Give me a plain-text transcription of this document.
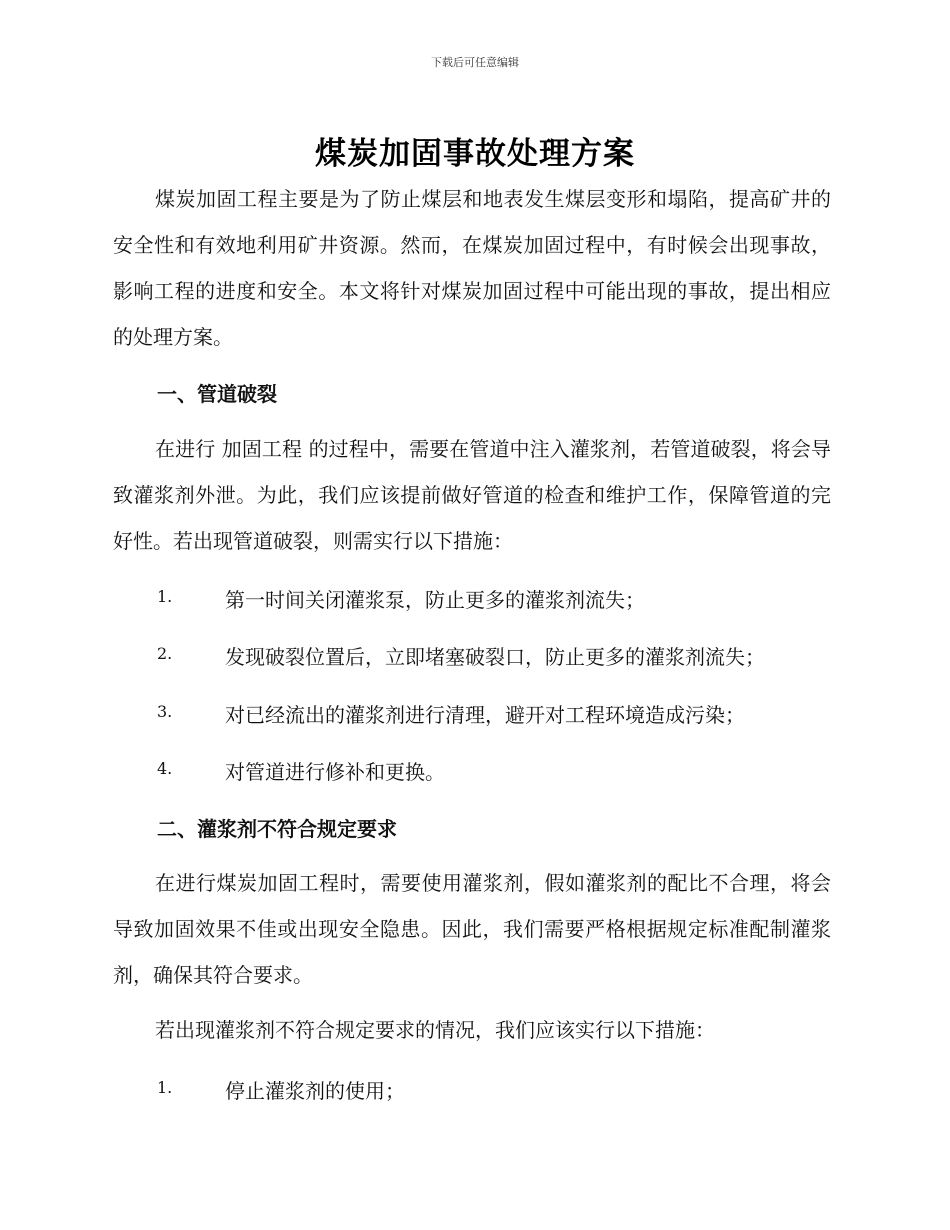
下载后可任意编辑
煤炭加固事故处理方案

煤炭加固工程主要是为了防止煤层和地表发生煤层变形和塌陷，提高矿井的安全性和有效地利用矿井资源。然而，在煤炭加固过程中，有时候会出现事故，影响工程的进度和安全。本文将针对煤炭加固过程中可能出现的事故，提出相应的处理方案。

一、管道破裂

在进行 加固工程 的过程中，需要在管道中注入灌浆剂，若管道破裂，将会导致灌浆剂外泄。为此，我们应该提前做好管道的检查和维护工作，保障管道的完好性。若出现管道破裂，则需实行以下措施：

1.	第一时间关闭灌浆泵，防止更多的灌浆剂流失；
2.	发现破裂位置后，立即堵塞破裂口，防止更多的灌浆剂流失；
3.	对已经流出的灌浆剂进行清理，避开对工程环境造成污染；
4.	对管道进行修补和更换。

二、灌浆剂不符合规定要求

在进行煤炭加固工程时，需要使用灌浆剂，假如灌浆剂的配比不合理，将会导致加固效果不佳或出现安全隐患。因此，我们需要严格根据规定标准配制灌浆剂，确保其符合要求。

若出现灌浆剂不符合规定要求的情况，我们应该实行以下措施：

1.	停止灌浆剂的使用；
